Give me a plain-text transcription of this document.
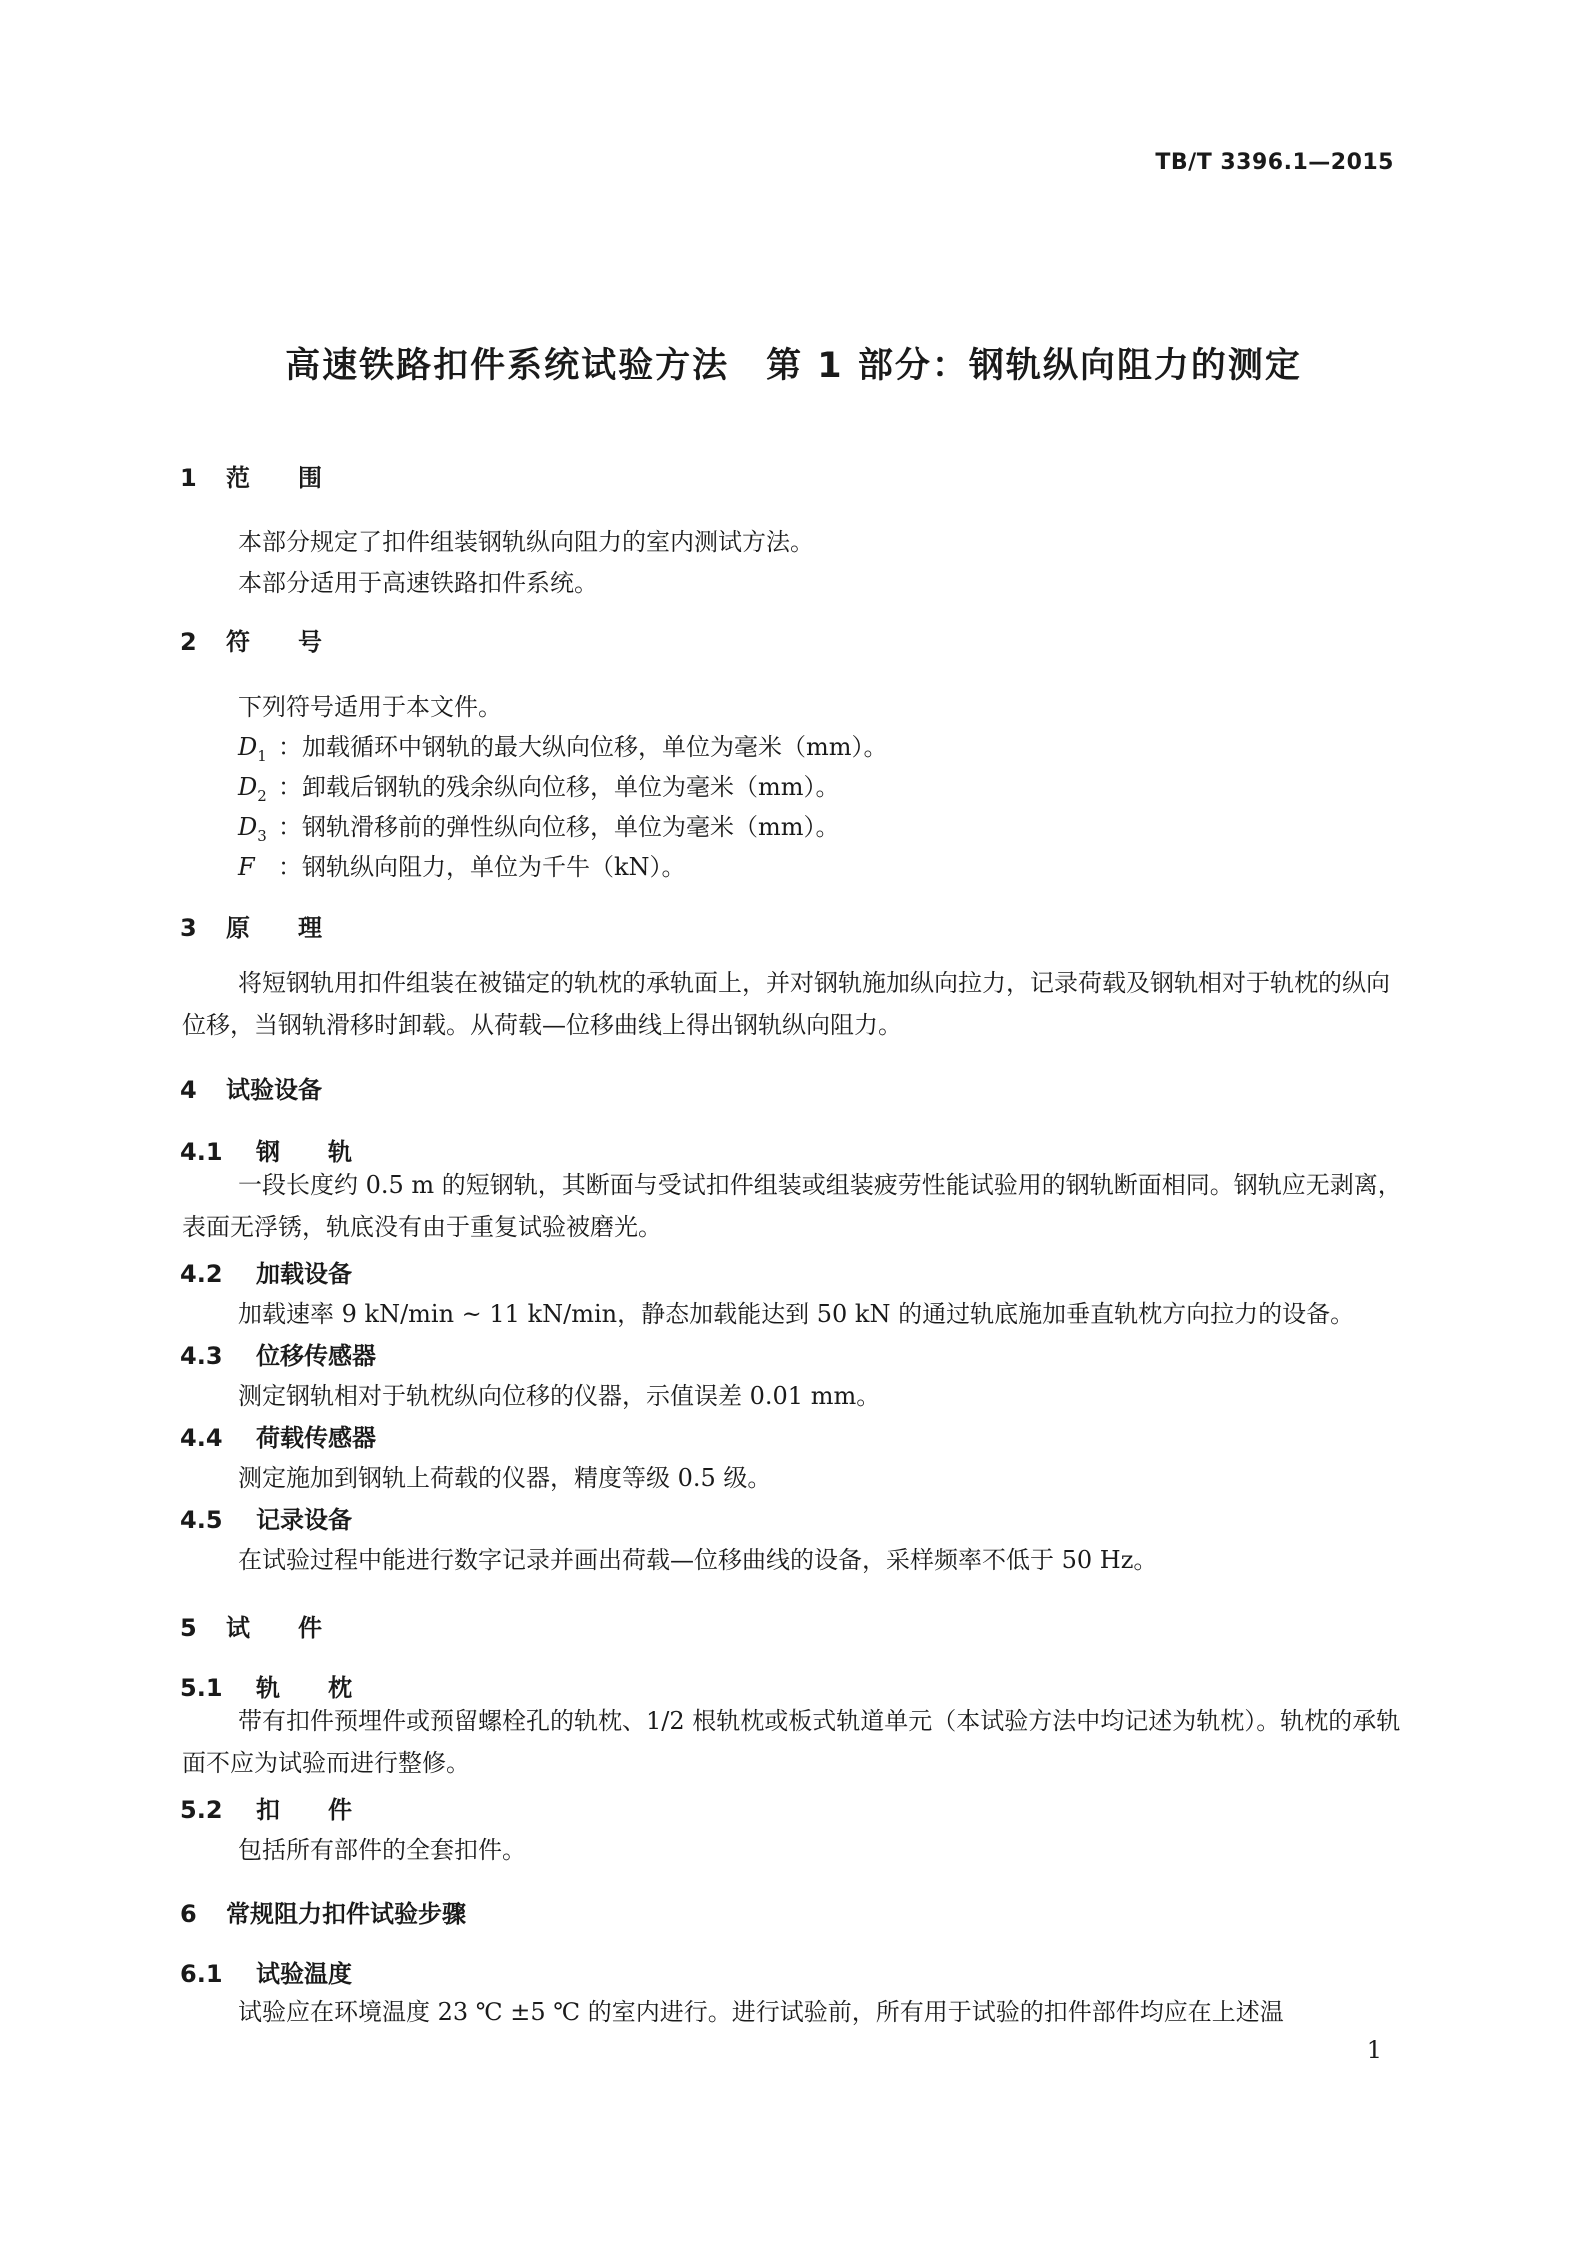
TB/T 3396.1—2015
高速铁路扣件系统试验方法　第 1 部分：钢轨纵向阻力的测定
1 范　　围
本部分规定了扣件组装钢轨纵向阻力的室内测试方法。
本部分适用于高速铁路扣件系统。
2 符　　号
下列符号适用于本文件。
$D_1$ ：加载循环中钢轨的最大纵向位移，单位为毫米（mm）。
$D_2$ ：卸载后钢轨的残余纵向位移，单位为毫米（mm）。
$D_3$ ：钢轨滑移前的弹性纵向位移，单位为毫米（mm）。
F ：钢轨纵向阻力，单位为千牛（kN）。
3 原　　理
将短钢轨用扣件组装在被锚定的轨枕的承轨面上，并对钢轨施加纵向拉力，记录荷载及钢轨相对于轨枕的纵向位移，当钢轨滑移时卸载。从荷载—位移曲线上得出钢轨纵向阻力。
4 试验设备
4.1 钢　　轨
一段长度约 0.5 m 的短钢轨，其断面与受试扣件组装或组装疲劳性能试验用的钢轨断面相同。钢轨应无剥离，表面无浮锈，轨底没有由于重复试验被磨光。
4.2 加载设备
加载速率 9 kN/min ~ 11 kN/min，静态加载能达到 50 kN 的通过轨底施加垂直轨枕方向拉力的设备。
4.3 位移传感器
测定钢轨相对于轨枕纵向位移的仪器，示值误差 0.01 mm。
4.4 荷载传感器
测定施加到钢轨上荷载的仪器，精度等级 0.5 级。
4.5 记录设备
在试验过程中能进行数字记录并画出荷载—位移曲线的设备，采样频率不低于 50 Hz。
5 试　　件
5.1 轨　　枕
带有扣件预埋件或预留螺栓孔的轨枕、1/2 根轨枕或板式轨道单元（本试验方法中均记述为轨枕）。轨枕的承轨面不应为试验而进行整修。
5.2 扣　　件
包括所有部件的全套扣件。
6 常规阻力扣件试验步骤
6.1 试验温度
试验应在环境温度 23 ℃ ±5 ℃ 的室内进行。进行试验前，所有用于试验的扣件部件均应在上述温
1
